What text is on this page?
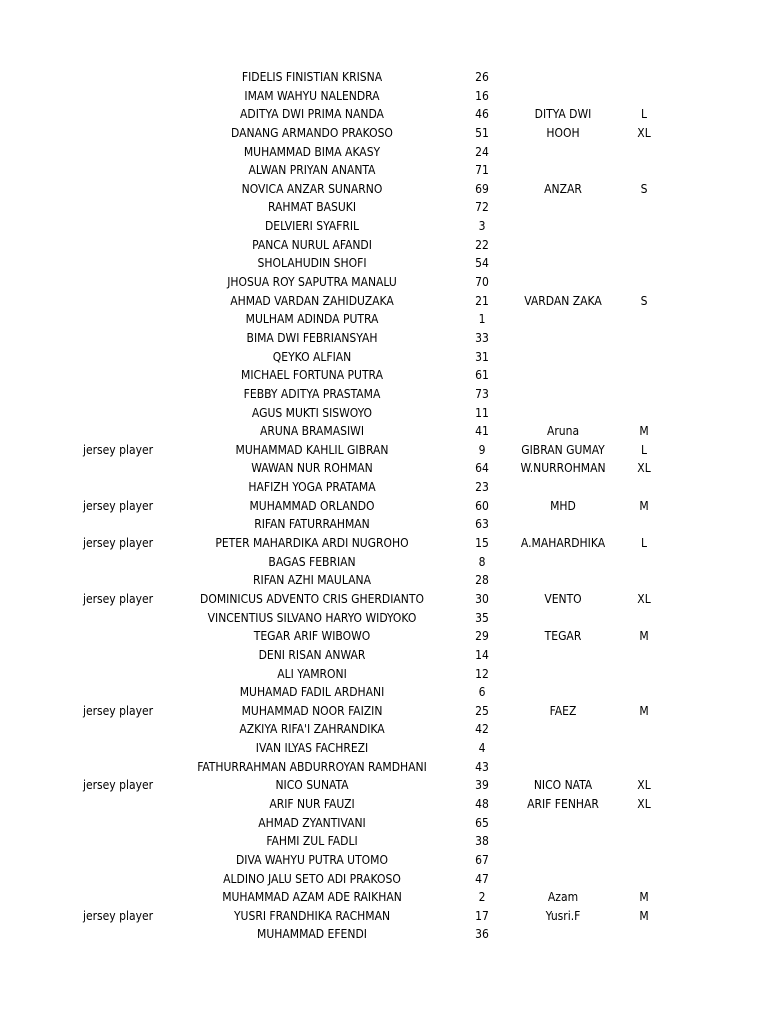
FIDELIS FINISTIAN KRISNA	26
IMAM WAHYU NALENDRA	16
ADITYA DWI PRIMA NANDA	46	DITYA DWI	L
DANANG ARMANDO PRAKOSO	51	HOOH	XL
MUHAMMAD BIMA AKASY	24
ALWAN PRIYAN ANANTA	71
NOVICA ANZAR SUNARNO	69	ANZAR	S
RAHMAT BASUKI	72
DELVIERI SYAFRIL	3
PANCA NURUL AFANDI	22
SHOLAHUDIN SHOFI	54
JHOSUA ROY SAPUTRA MANALU	70
AHMAD VARDAN ZAHIDUZAKA	21	VARDAN ZAKA	S
MULHAM ADINDA PUTRA	1
BIMA DWI FEBRIANSYAH	33
QEYKO ALFIAN	31
MICHAEL FORTUNA PUTRA	61
FEBBY ADITYA PRASTAMA	73
AGUS MUKTI SISWOYO	11
ARUNA BRAMASIWI	41	Aruna	M
jersey player	MUHAMMAD KAHLIL GIBRAN	9	GIBRAN GUMAY	L
WAWAN NUR ROHMAN	64	W.NURROHMAN	XL
HAFIZH YOGA PRATAMA	23
jersey player	MUHAMMAD ORLANDO	60	MHD	M
RIFAN FATURRAHMAN	63
jersey player	PETER MAHARDIKA ARDI NUGROHO	15	A.MAHARDHIKA	L
BAGAS FEBRIAN	8
RIFAN AZHI MAULANA	28
jersey player	DOMINICUS ADVENTO CRIS GHERDIANTO	30	VENTO	XL
VINCENTIUS SILVANO HARYO WIDYOKO	35
TEGAR ARIF WIBOWO	29	TEGAR	M
DENI RISAN ANWAR	14
ALI YAMRONI	12
MUHAMAD FADIL ARDHANI	6
jersey player	MUHAMMAD NOOR FAIZIN	25	FAEZ	M
AZKIYA RIFA'I ZAHRANDIKA	42
IVAN ILYAS FACHREZI	4
FATHURRAHMAN ABDURROYAN RAMDHANI	43
jersey player	NICO SUNATA	39	NICO NATA	XL
ARIF NUR FAUZI	48	ARIF FENHAR	XL
AHMAD ZYANTIVANI	65
FAHMI ZUL FADLI	38
DIVA WAHYU PUTRA UTOMO	67
ALDINO JALU SETO ADI PRAKOSO	47
MUHAMMAD AZAM ADE RAIKHAN	2	Azam	M
jersey player	YUSRI FRANDHIKA RACHMAN	17	Yusri.F	M
MUHAMMAD EFENDI	36
